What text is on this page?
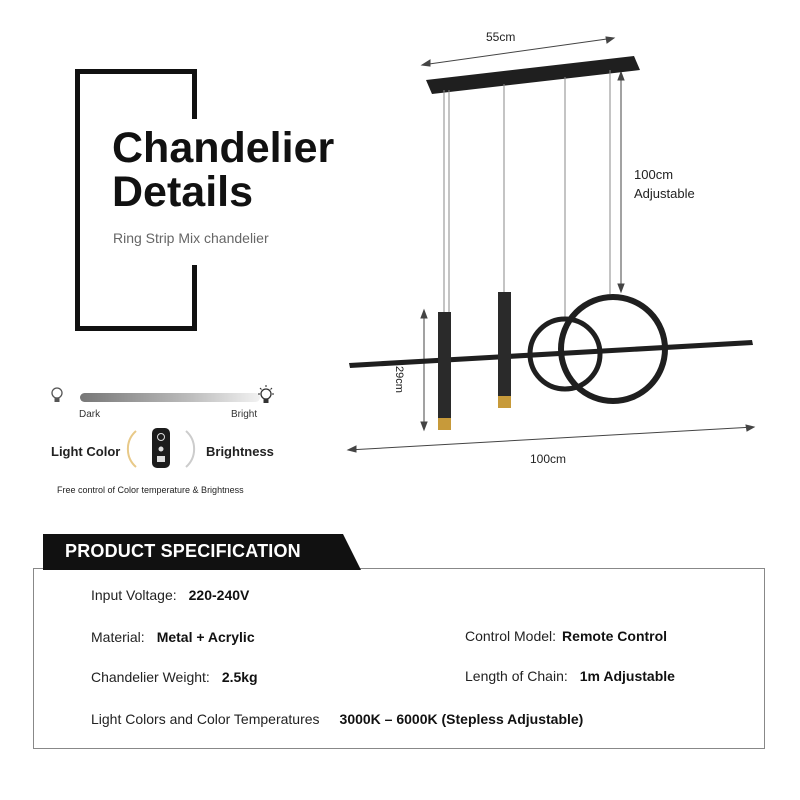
Chandelier
Details
Ring Strip Mix chandelier
55cm
100cm
Adjustable
29cm
100cm
Dark	Bright
Light Color	Brightness
Free control of Color temperature & Brightness
PRODUCT SPECIFICATION
Input Voltage: 220-240V
Material: Metal + Acrylic	Control Model: Remote Control
Chandelier Weight: 2.5kg	Length of Chain: 1m Adjustable
Light Colors and Color Temperatures 3000K – 6000K (Stepless Adjustable)
